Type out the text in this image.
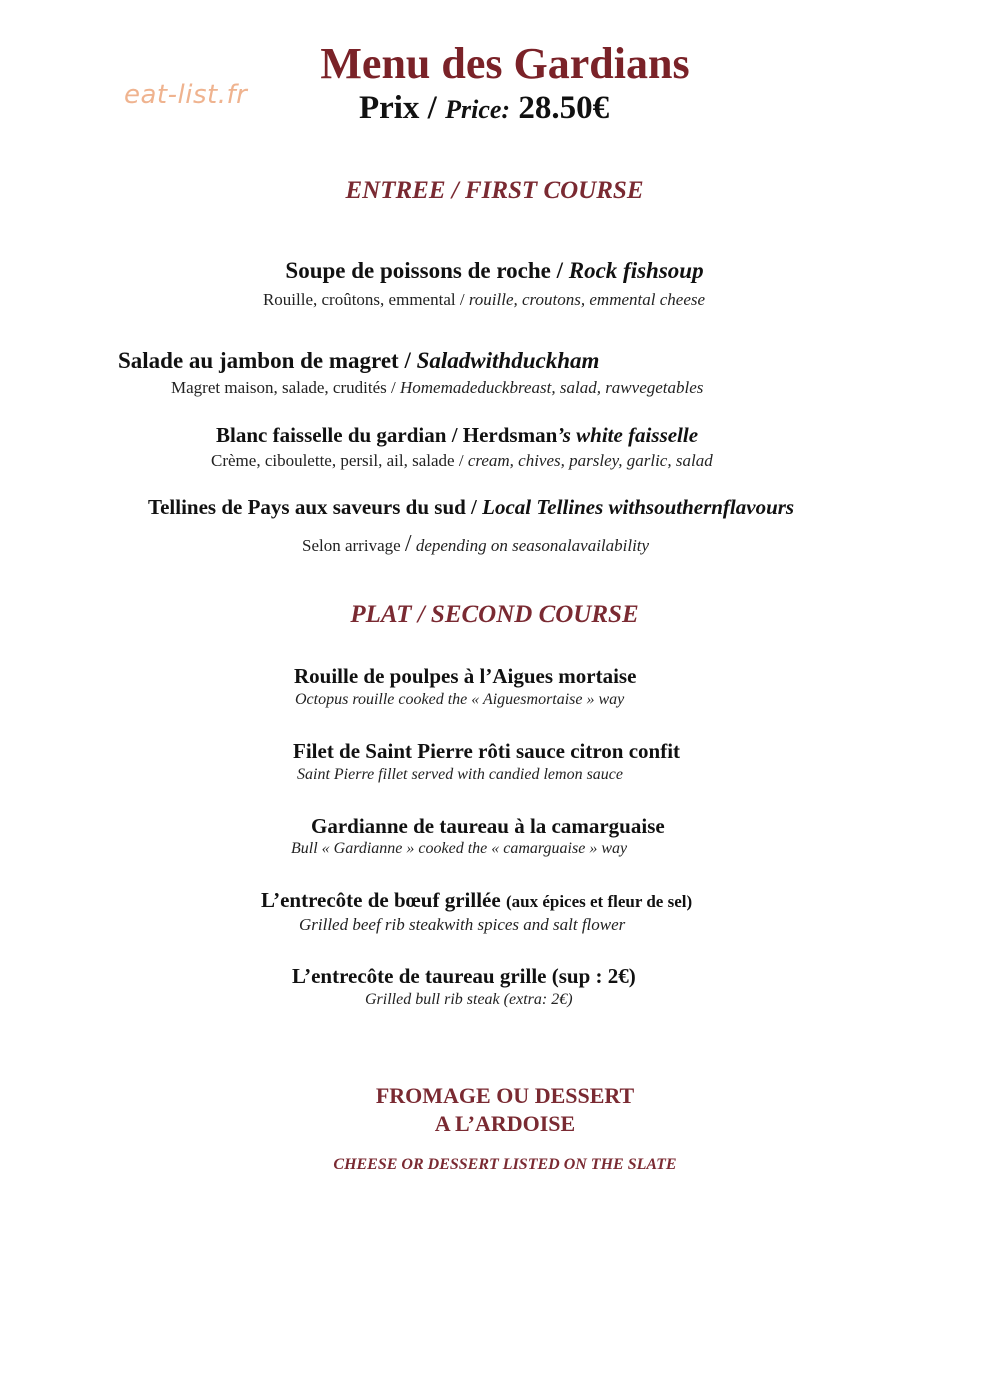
eat-list.fr
Menu des Gardians
Prix / Price: 28.50€
ENTREE / FIRST COURSE
Soupe de poissons de roche / Rock fishsoup
Rouille, croûtons, emmental / rouille, croutons, emmental cheese
Salade au jambon de magret / Saladwithduckham
Magret maison, salade, crudités / Homemadeduckbreast, salad, rawvegetables
Blanc faisselle du gardian / Herdsman’s white faisselle
Crème, ciboulette, persil, ail, salade / cream, chives, parsley, garlic, salad
Tellines de Pays aux saveurs du sud / Local Tellines withsouthernflavours
Selon arrivage / depending on seasonalavailability
PLAT / SECOND COURSE
Rouille de poulpes à l’Aigues mortaise
Octopus rouille cooked the « Aiguesmortaise » way
Filet de Saint Pierre rôti sauce citron confit
Saint Pierre fillet served with candied lemon sauce
Gardianne de taureau à la camarguaise
Bull « Gardianne » cooked the « camarguaise » way
L’entrecôte de bœuf grillée (aux épices et fleur de sel)
Grilled beef rib steakwith spices and salt flower
L’entrecôte de taureau grille (sup : 2€)
Grilled bull rib steak (extra: 2€)
FROMAGE OU DESSERT
A L’ARDOISE
CHEESE OR DESSERT LISTED ON THE SLATE
